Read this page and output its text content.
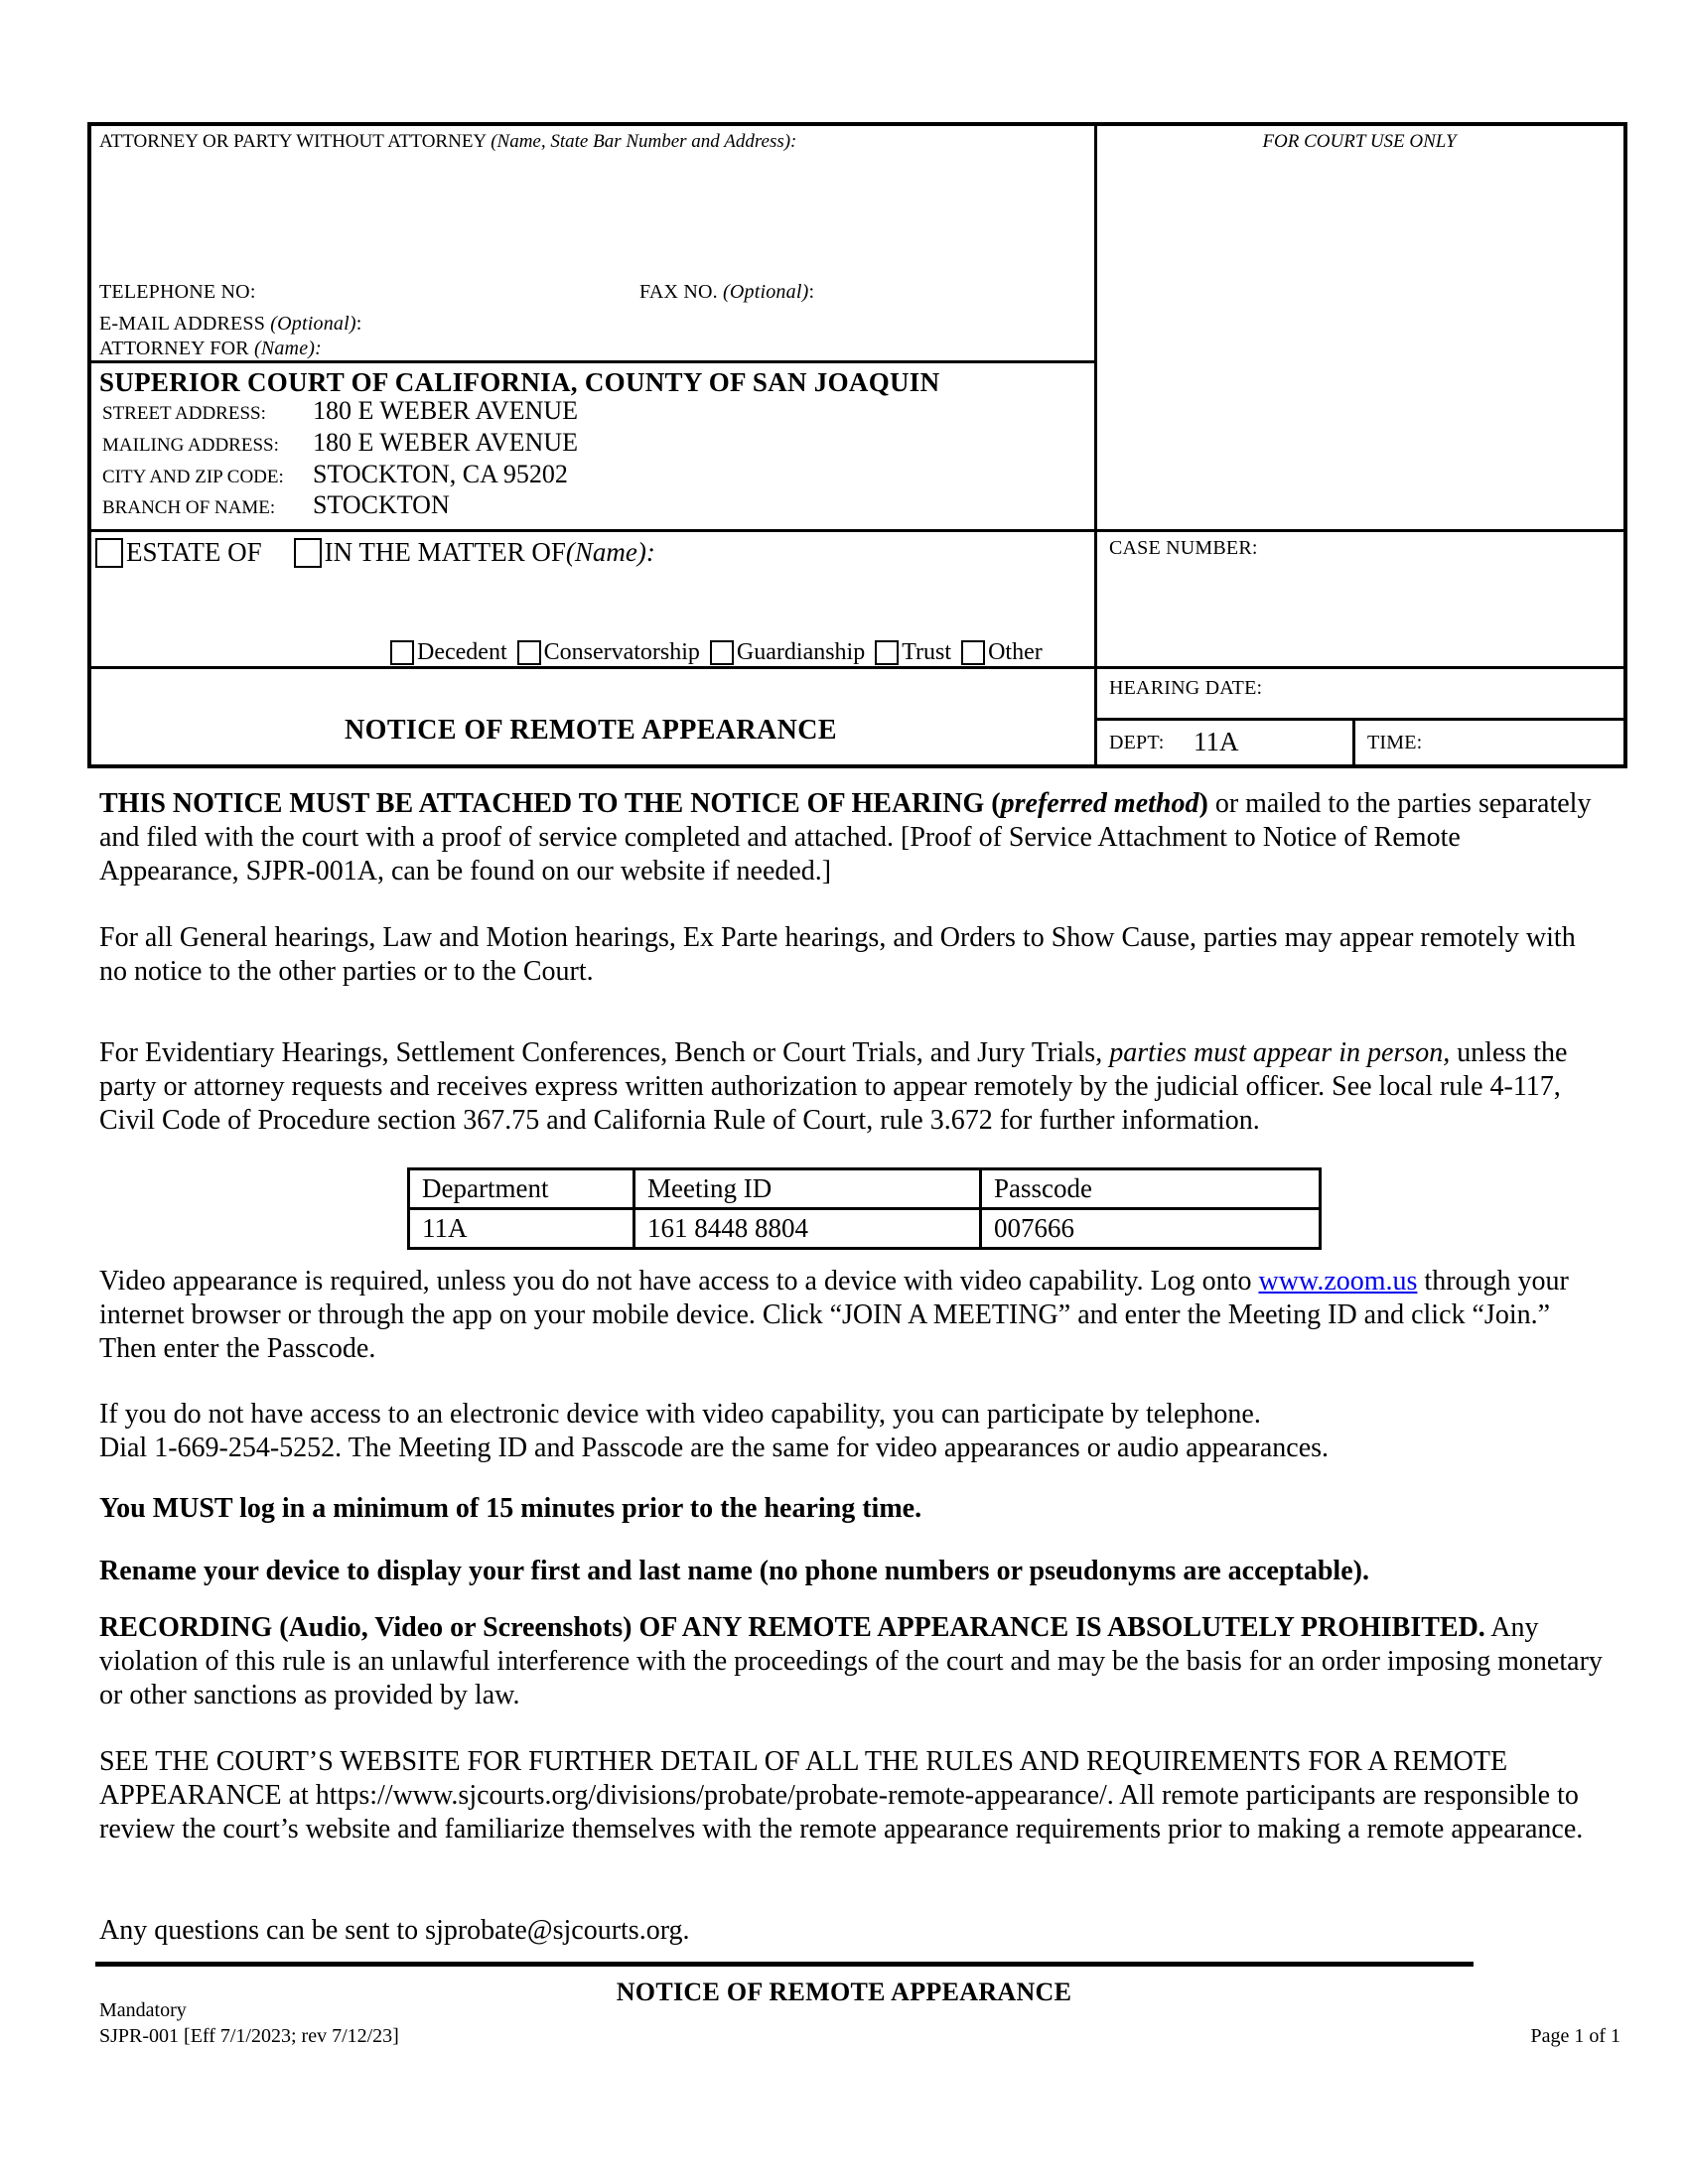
ATTORNEY OR PARTY WITHOUT ATTORNEY (Name, State Bar Number and Address):
TELEPHONE NO:	FAX NO. (Optional):
E-MAIL ADDRESS (Optional):
ATTORNEY FOR (Name):
FOR COURT USE ONLY
SUPERIOR COURT OF CALIFORNIA, COUNTY OF SAN JOAQUIN
STREET ADDRESS:	180 E WEBER AVENUE
MAILING ADDRESS:	180 E WEBER AVENUE
CITY AND ZIP CODE:	STOCKTON, CA 95202
BRANCH OF NAME:	STOCKTON
ESTATE OF IN THE MATTER OF (Name):
Decedent Conservatorship Guardianship Trust Other
NOTICE OF REMOTE APPEARANCE
CASE NUMBER:
HEARING DATE:
DEPT: 11A	TIME:
THIS NOTICE MUST BE ATTACHED TO THE NOTICE OF HEARING (preferred method) or mailed to the parties separately and filed with the court with a proof of service completed and attached. [Proof of Service Attachment to Notice of Remote Appearance, SJPR-001A, can be found on our website if needed.]
For all General hearings, Law and Motion hearings, Ex Parte hearings, and Orders to Show Cause, parties may appear remotely with no notice to the other parties or to the Court.
For Evidentiary Hearings, Settlement Conferences, Bench or Court Trials, and Jury Trials, parties must appear in person, unless the party or attorney requests and receives express written authorization to appear remotely by the judicial officer. See local rule 4-117, Civil Code of Procedure section 367.75 and California Rule of Court, rule 3.672 for further information.
Department	Meeting ID	Passcode
11A	161 8448 8804	007666
Video appearance is required, unless you do not have access to a device with video capability. Log onto www.zoom.us through your internet browser or through the app on your mobile device. Click “JOIN A MEETING” and enter the Meeting ID and click “Join.” Then enter the Passcode.
If you do not have access to an electronic device with video capability, you can participate by telephone.
Dial 1-669-254-5252. The Meeting ID and Passcode are the same for video appearances or audio appearances.
You MUST log in a minimum of 15 minutes prior to the hearing time.
Rename your device to display your first and last name (no phone numbers or pseudonyms are acceptable).
RECORDING (Audio, Video or Screenshots) OF ANY REMOTE APPEARANCE IS ABSOLUTELY PROHIBITED. Any violation of this rule is an unlawful interference with the proceedings of the court and may be the basis for an order imposing monetary or other sanctions as provided by law.
SEE THE COURT’S WEBSITE FOR FURTHER DETAIL OF ALL THE RULES AND REQUIREMENTS FOR A REMOTE APPEARANCE at https://www.sjcourts.org/divisions/probate/probate-remote-appearance/. All remote participants are responsible to review the court’s website and familiarize themselves with the remote appearance requirements prior to making a remote appearance.
Any questions can be sent to sjprobate@sjcourts.org.
NOTICE OF REMOTE APPEARANCE
Mandatory
SJPR-001 [Eff 7/1/2023; rev 7/12/23]	Page 1 of 1
